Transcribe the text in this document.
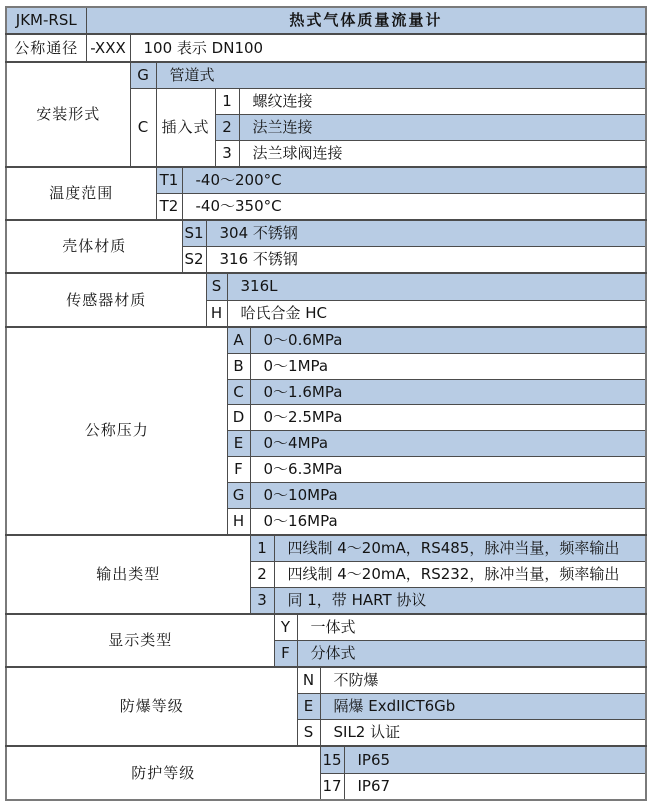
JKM-RSL	热式气体质量流量计												
公称通径	-XXX	100 表示 DN100											
安装形式		G	管道式										
		C	插入式			1		螺纹连接					
						2		法兰连接					
						3		法兰球阀连接					
温度范围			T1	-40～200°C									
			T2	-40～350°C									
壳体材质				S1	304 不锈钢								
				S2	316 不锈钢								
传感器材质					S		316L						
					H		哈氏合金 HC						
公称压力							A		0～0.6MPa				
							B		0～1MPa				
							C		0～1.6MPa				
							D		0～2.5MPa				
							E		0～4MPa				
							F		0～6.3MPa				
							G		0～10MPa				
							H		0～16MPa				
输出类型									1	四线制 4～20mA，RS485，脉冲当量，频率输出			
									2	四线制 4～20mA，RS232，脉冲当量，频率输出			
									3	同 1，带 HART 协议			
显示类型										Y	一体式		
										F	分体式		
防爆等级											N	不防爆	
											E	隔爆 ExdIICT6Gb	
											S	SIL2 认证	
防护等级												15	IP65
												17	IP67
